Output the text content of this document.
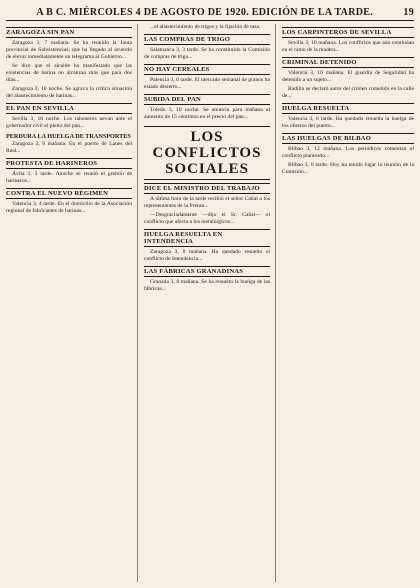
A B C. MIÉRCOLES 4 DE AGOSTO DE 1920. EDICIÓN DE LA TARDE.	19
ZARAGOZA SIN PAN

Zaragoza 3, 7 mañana. Se ha reunido la Junta provincial de Subsistencias, que ha llegado al acuerdo de elevar inmediatamente un telegrama al Gobierno...

Se dice que el alcalde ha manifestado que las existencias de harina no alcanzan más que para dos días...

Zaragoza 3, 10 noche. Se agrava la crítica situación del abastecimiento de harinas...

EL PAN EN SEVILLA

Sevilla 3, 10 noche. Los tahoneros nevan ante el gobernador civil el pleito del pan...

PERDURA LA HUELGA DE TRANSPORTES

Zaragoza 3, 8 mañana. En el puerto de Lanes del Real...

PROTESTA DE HARINEROS

Ávila 3, 3 tarde. Anoche se reunió el gremio de harineros...

CONTRA EL NUEVO RÉGIMEN

Valencia 3, 4 tarde. En el domicilio de la Asociación regional de fabricantes de harinas...

...el abastecimiento de trigos y la fijación de tasa.

LAS COMPRAS DE TRIGO

Salamanca 3, 3 tarde. Se ha constituido la Comisión de compras de trigo...

NO HAY CEREALES

Palencia 3, 6 tarde. El mercado semanal de granos ha estado desierto...

SUBIDA DEL PAN

Toledo 3, 10 noche. Se anuncia para mañana el aumento de 15 céntimos en el precio del pan...

LOS CONFLICTOS SOCIALES
DICE EL MINISTRO DEL TRABAJO

A última hora de la tarde recibió el señor Cañal a los representantes de la Prensa...

—Desgraciadamente —dijo el Sr. Cañal— el conflicto que afecta a los metalúrgicos...

HUELGA RESUELTA EN INTENDENCIA

Zaragoza 3, 8 mañana. Ha quedado resuelto el conflicto de Intendencia...

LAS FÁBRICAS GRANADINAS

Granada 3, 8 mañana. Se ha resuelto la huelga de las fábricas...

LOS CARPINTEROS DE SEVILLA

Sevilla 3, 10 mañana. Los conflictos que aún continúan en el ramo de la madera...

CRIMINAL DETENIDO

Valencia 3, 10 mañana. El guardia de Seguridad ha detenido a un sujeto...

Radilla se declaró autor del crimen cometido en la calle de...

HUELGA RESUELTA

Valencia 3, 6 tarde. Ha quedado resuelta la huelga de los obreros del puerto...

LAS HUELGAS DE BILBAO

Bilbao 3, 12 mañana. Los periódicos comentan el conflicto planteado...

Bilbao 3, 6 tarde. Hoy ha tenido lugar la reunión de la Comisión...
